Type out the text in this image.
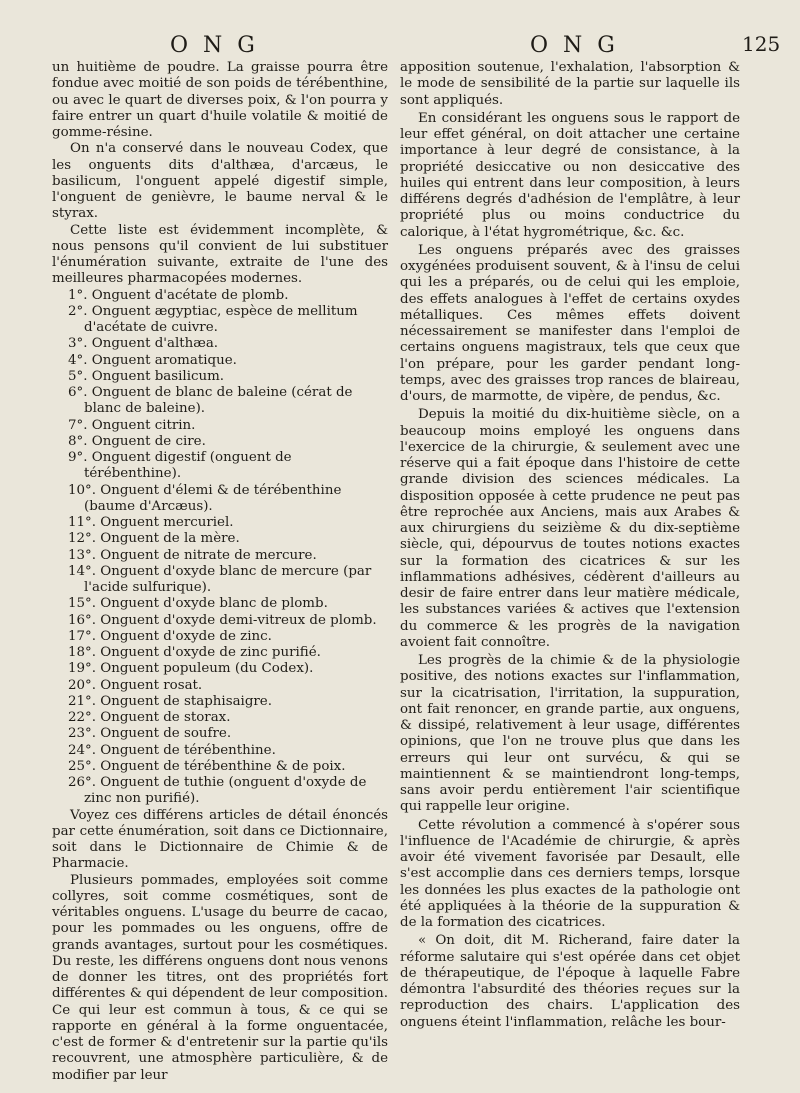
O N G	O N G	125

un huitième de poudre. La graisse pourra être fondue avec moitié de son poids de térébenthine, ou avec le quart de diverses poix, & l'on pourra y faire entrer un quart d'huile volatile & moitié de gomme-résine.

On n'a conservé dans le nouveau Codex, que les onguents dits d'althæa, d'arcæus, le basilicum, l'onguent appelé digestif simple, l'onguent de genièvre, le baume nerval & le styrax.

Cette liste est évidemment incomplète, & nous pensons qu'il convient de lui substituer l'énumération suivante, extraite de l'une des meilleures pharmacopées modernes.

1°. Onguent d'acétate de plomb.

2°. Onguent ægyptiac, espèce de mellitum d'acétate de cuivre.

3°. Onguent d'althæa.

4°. Onguent aromatique.

5°. Onguent basilicum.

6°. Onguent de blanc de baleine (cérat de blanc de baleine).

7°. Onguent citrin.

8°. Onguent de cire.

9°. Onguent digestif (onguent de térébenthine).

10°. Onguent d'élemi & de térébenthine (baume d'Arcæus).

11°. Onguent mercuriel.

12°. Onguent de la mère.

13°. Onguent de nitrate de mercure.

14°. Onguent d'oxyde blanc de mercure (par l'acide sulfurique).

15°. Onguent d'oxyde blanc de plomb.

16°. Onguent d'oxyde demi-vitreux de plomb.

17°. Onguent d'oxyde de zinc.

18°. Onguent d'oxyde de zinc purifié.

19°. Onguent populeum (du Codex).

20°. Onguent rosat.

21°. Onguent de staphisaigre.

22°. Onguent de storax.

23°. Onguent de soufre.

24°. Onguent de térébenthine.

25°. Onguent de térébenthine & de poix.

26°. Onguent de tuthie (onguent d'oxyde de zinc non purifié).

Voyez ces différens articles de détail énoncés par cette énumération, soit dans ce Dictionnaire, soit dans le Dictionnaire de Chimie & de Pharmacie.

Plusieurs pommades, employées soit comme collyres, soit comme cosmétiques, sont de véritables onguens. L'usage du beurre de cacao, pour les pommades ou les onguens, offre de grands avantages, surtout pour les cosmétiques. Du reste, les différens onguens dont nous venons de donner les titres, ont des propriétés fort différentes & qui dépendent de leur composition. Ce qui leur est commun à tous, & ce qui se rapporte en général à la forme onguentacée, c'est de former & d'entretenir sur la partie qu'ils recouvrent, une atmosphère particulière, & de modifier par leur

apposition soutenue, l'exhalation, l'absorption & le mode de sensibilité de la partie sur laquelle ils sont appliqués.

En considérant les onguens sous le rapport de leur effet général, on doit attacher une certaine importance à leur degré de consistance, à la propriété desiccative ou non desiccative des huiles qui entrent dans leur composition, à leurs différens degrés d'adhésion de l'emplâtre, à leur propriété plus ou moins conductrice du calorique, à l'état hygrométrique, &c. &c.

Les onguens préparés avec des graisses oxygénées produisent souvent, & à l'insu de celui qui les a préparés, ou de celui qui les emploie, des effets analogues à l'effet de certains oxydes métalliques. Ces mêmes effets doivent nécessairement se manifester dans l'emploi de certains onguens magistraux, tels que ceux que l'on prépare, pour les garder pendant long-temps, avec des graisses trop rances de blaireau, d'ours, de marmotte, de vipère, de pendus, &c.

Depuis la moitié du dix-huitième siècle, on a beaucoup moins employé les onguens dans l'exercice de la chirurgie, & seulement avec une réserve qui a fait époque dans l'histoire de cette grande division des sciences médicales. La disposition opposée à cette prudence ne peut pas être reprochée aux Anciens, mais aux Arabes & aux chirurgiens du seizième & du dix-septième siècle, qui, dépourvus de toutes notions exactes sur la formation des cicatrices & sur les inflammations adhésives, cédèrent d'ailleurs au desir de faire entrer dans leur matière médicale, les substances variées & actives que l'extension du commerce & les progrès de la navigation avoient fait connoître.

Les progrès de la chimie & de la physiologie positive, des notions exactes sur l'inflammation, sur la cicatrisation, l'irritation, la suppuration, ont fait renoncer, en grande partie, aux onguens, & dissipé, relativement à leur usage, différentes opinions, que l'on ne trouve plus que dans les erreurs qui leur ont survécu, & qui se maintiennent & se maintiendront long-temps, sans avoir perdu entièrement l'air scientifique qui rappelle leur origine.

Cette révolution a commencé à s'opérer sous l'influence de l'Académie de chirurgie, & après avoir été vivement favorisée par Desault, elle s'est accomplie dans ces derniers temps, lorsque les données les plus exactes de la pathologie ont été appliquées à la théorie de la suppuration & de la formation des cicatrices.

« On doit, dit M. Richerand, faire dater la réforme salutaire qui s'est opérée dans cet objet de thérapeutique, de l'époque à laquelle Fabre démontra l'absurdité des théories reçues sur la reproduction des chairs. L'application des onguens éteint l'inflammation, relâche les bour-
